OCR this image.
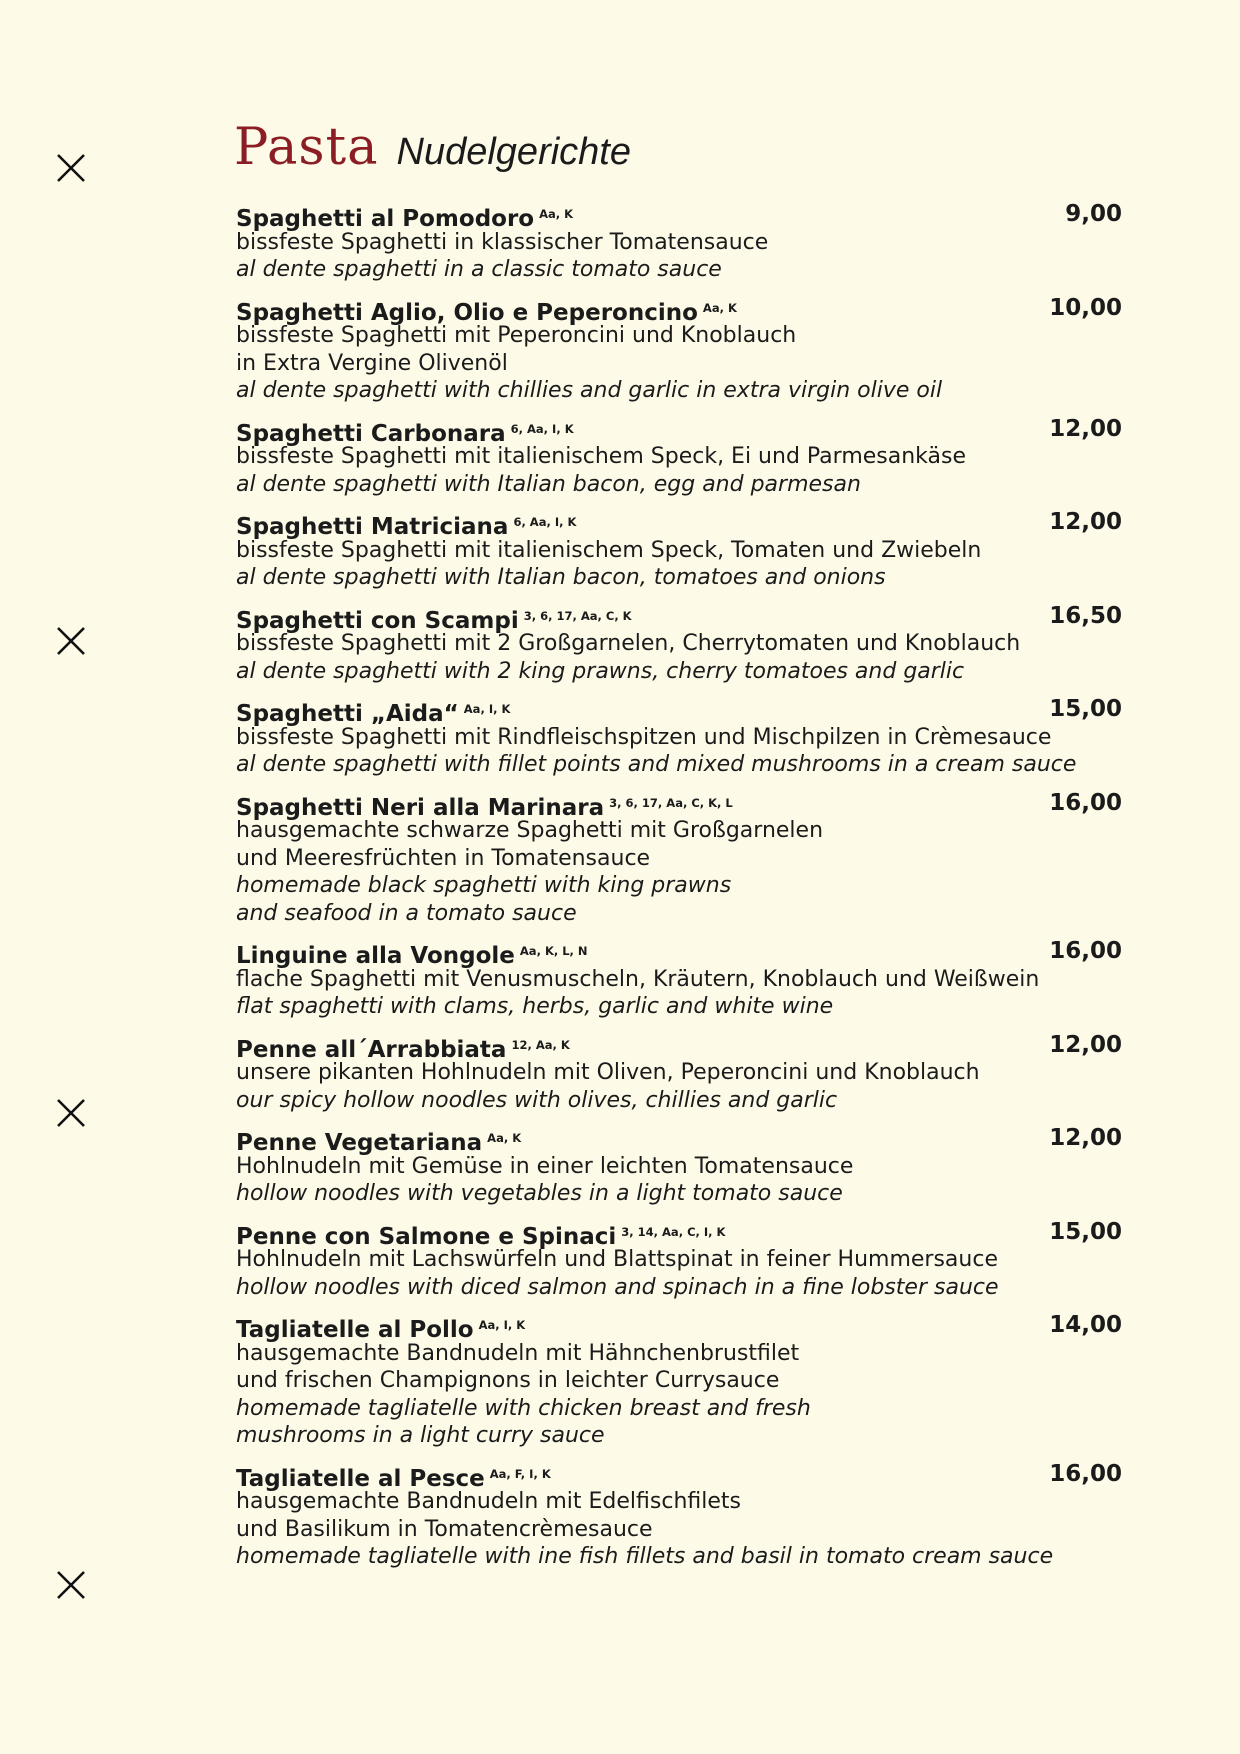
Pasta Nudelgerichte
Spaghetti al Pomodoro $^{Aa, K}$	9,00
bissfeste Spaghetti in klassischer Tomatensauce
al dente spaghetti in a classic tomato sauce
Spaghetti Aglio, Olio e Peperoncino $^{Aa, K}$	10,00
bissfeste Spaghetti mit Peperoncini und Knoblauch
in Extra Vergine Olivenöl
al dente spaghetti with chillies and garlic in extra virgin olive oil
Spaghetti Carbonara $^{6, Aa, I, K}$	12,00
bissfeste Spaghetti mit italienischem Speck, Ei und Parmesankäse
al dente spaghetti with Italian bacon, egg and parmesan
Spaghetti Matriciana $^{6, Aa, I, K}$	12,00
bissfeste Spaghetti mit italienischem Speck, Tomaten und Zwiebeln
al dente spaghetti with Italian bacon, tomatoes and onions
Spaghetti con Scampi $^{3, 6, 17, Aa, C, K}$	16,50
bissfeste Spaghetti mit 2 Großgarnelen, Cherrytomaten und Knoblauch
al dente spaghetti with 2 king prawns, cherry tomatoes and garlic
Spaghetti „Aida“ $^{Aa, I, K}$	15,00
bissfeste Spaghetti mit Rindfleischspitzen und Mischpilzen in Crèmesauce
al dente spaghetti with fillet points and mixed mushrooms in a cream sauce
Spaghetti Neri alla Marinara $^{3, 6, 17, Aa, C, K, L}$	16,00
hausgemachte schwarze Spaghetti mit Großgarnelen
und Meeresfrüchten in Tomatensauce
homemade black spaghetti with king prawns
and seafood in a tomato sauce
Linguine alla Vongole $^{Aa, K, L, N}$	16,00
flache Spaghetti mit Venusmuscheln, Kräutern, Knoblauch und Weißwein
flat spaghetti with clams, herbs, garlic and white wine
Penne all´Arrabbiata $^{12, Aa, K}$	12,00
unsere pikanten Hohlnudeln mit Oliven, Peperoncini und Knoblauch
our spicy hollow noodles with olives, chillies and garlic
Penne Vegetariana $^{Aa, K}$	12,00
Hohlnudeln mit Gemüse in einer leichten Tomatensauce
hollow noodles with vegetables in a light tomato sauce
Penne con Salmone e Spinaci $^{3, 14, Aa, C, I, K}$	15,00
Hohlnudeln mit Lachswürfeln und Blattspinat in feiner Hummersauce
hollow noodles with diced salmon and spinach in a fine lobster sauce
Tagliatelle al Pollo $^{Aa, I, K}$	14,00
hausgemachte Bandnudeln mit Hähnchenbrustfilet
und frischen Champignons in leichter Currysauce
homemade tagliatelle with chicken breast and fresh
mushrooms in a light curry sauce
Tagliatelle al Pesce $^{Aa, F, I, K}$	16,00
hausgemachte Bandnudeln mit Edelfischfilets
und Basilikum in Tomatencrèmesauce
homemade tagliatelle with ine fish fillets and basil in tomato cream sauce
